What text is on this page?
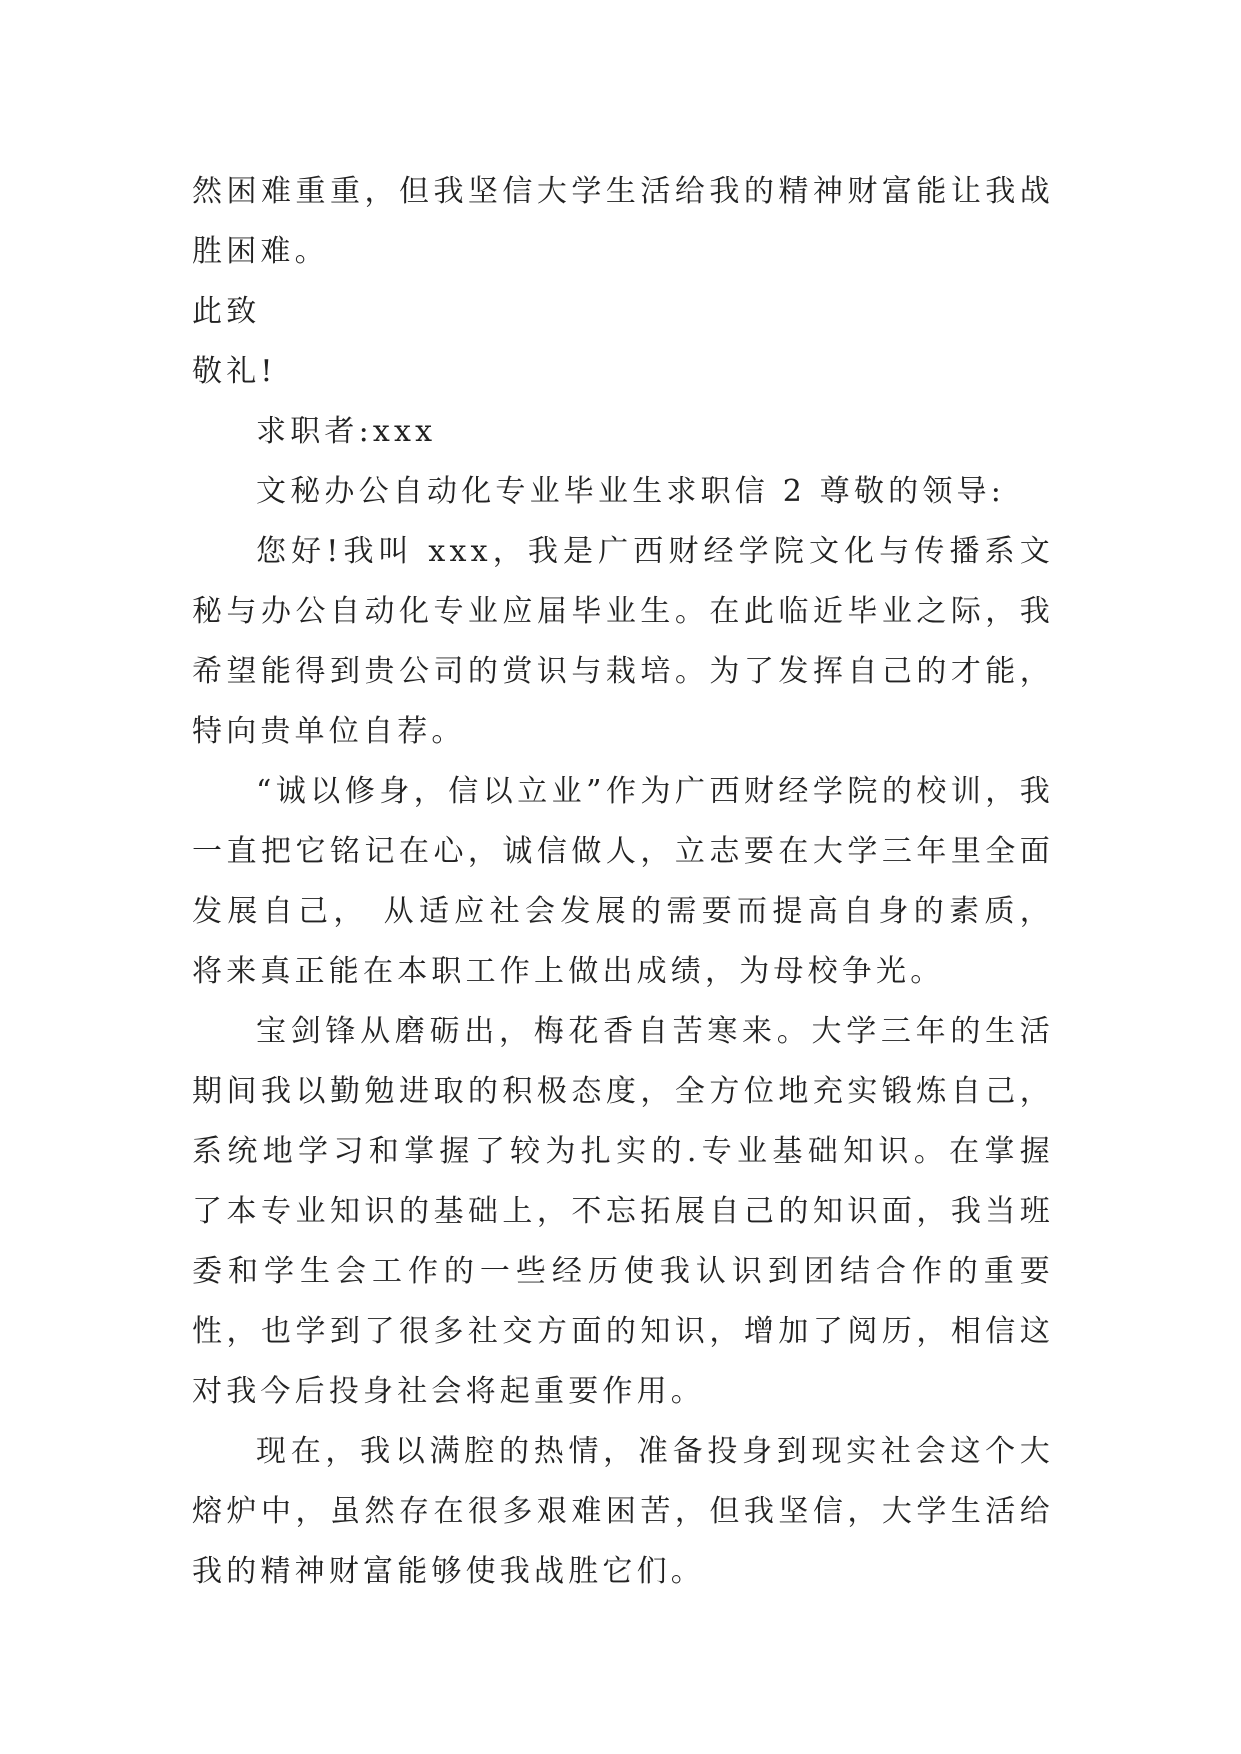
然困难重重，但我坚信大学生活给我的精神财富能让我战胜困难。

此致

敬礼!

求职者:xxx

文秘办公自动化专业毕业生求职信 2 尊敬的领导:

您好!我叫 xxx，我是广西财经学院文化与传播系文秘与办公自动化专业应届毕业生。在此临近毕业之际，我希望能得到贵公司的赏识与栽培。为了发挥自己的才能，特向贵单位自荐。

“诚以修身，信以立业”作为广西财经学院的校训，我一直把它铭记在心，诚信做人，立志要在大学三年里全面发展自己， 从适应社会发展的需要而提高自身的素质，将来真正能在本职工作上做出成绩，为母校争光。

宝剑锋从磨砺出，梅花香自苦寒来。大学三年的生活期间我以勤勉进取的积极态度，全方位地充实锻炼自己，系统地学习和掌握了较为扎实的.专业基础知识。在掌握了本专业知识的基础上，不忘拓展自己的知识面，我当班委和学生会工作的一些经历使我认识到团结合作的重要性，也学到了很多社交方面的知识，增加了阅历，相信这对我今后投身社会将起重要作用。

现在，我以满腔的热情，准备投身到现实社会这个大熔炉中，虽然存在很多艰难困苦，但我坚信，大学生活给我的精神财富能够使我战胜它们。
